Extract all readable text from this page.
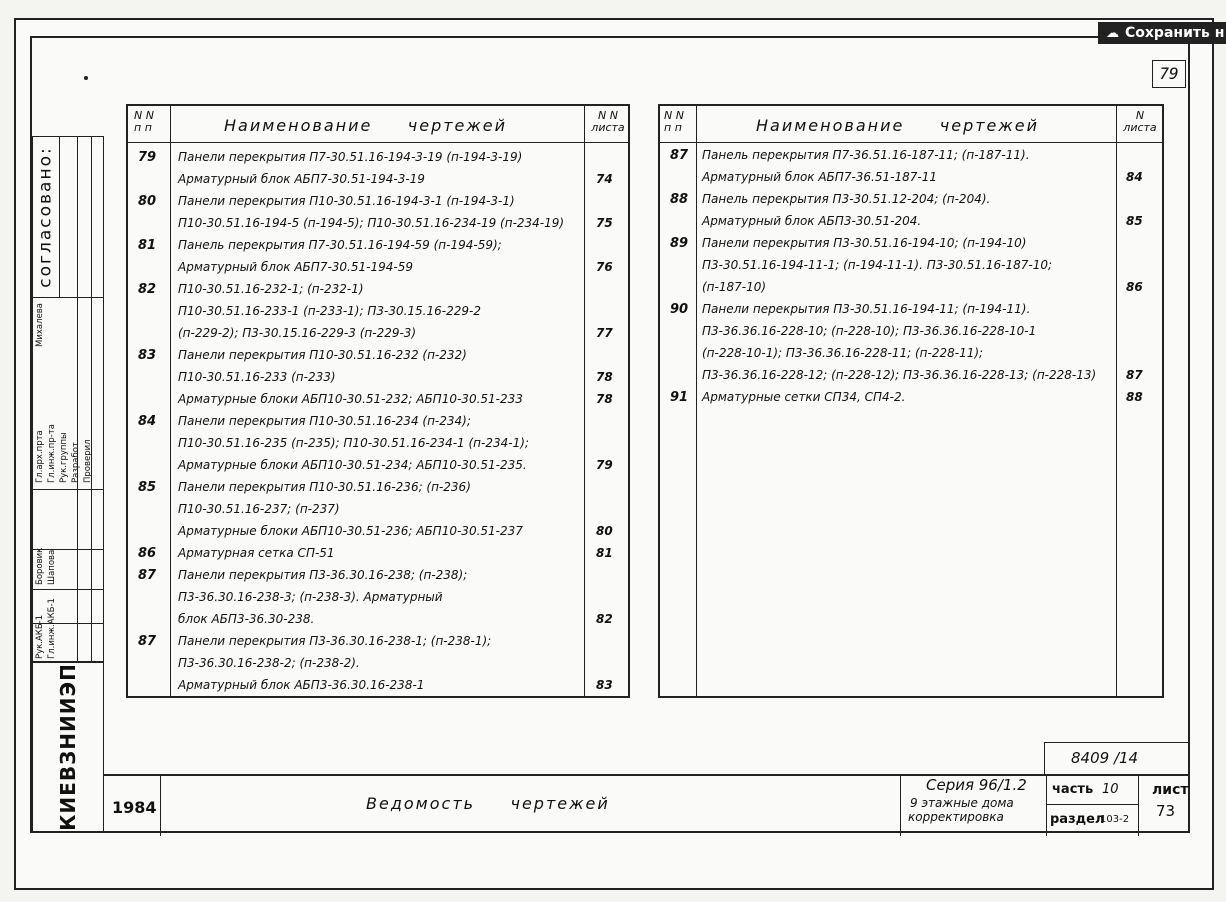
☁ Сохранить н
79
согласовано:
Рук.АКБ-1 Гл.инж.АКБ-1
Гл.арх.прта Гл.инж.пр-та Рук.группы Разработ. Проверил
Боровик Шапова
Михалева
КИЕВЗНИИЭП
N N
п п	Наименование     чертежей
N N
листа
79 Панели перекрытия П7-30.51.16-194-3-19 (п-194-3-19)
Арматурный блок АБП7-30.51-194-3-19	74
80 Панели перекрытия П10-30.51.16-194-3-1 (п-194-3-1)
П10-30.51.16-194-5 (п-194-5); П10-30.51.16-234-19 (п-234-19)	75
81 Панель перекрытия П7-30.51.16-194-59 (п-194-59);
Арматурный блок АБП7-30.51-194-59	76
82 П10-30.51.16-232-1; (п-232-1)
П10-30.51.16-233-1 (п-233-1); П3-30.15.16-229-2
(п-229-2); П3-30.15.16-229-3 (п-229-3)	77
83 Панели перекрытия П10-30.51.16-232 (п-232)
П10-30.51.16-233 (п-233)	78
Арматурные блоки АБП10-30.51-232; АБП10-30.51-233	78
84 Панели перекрытия П10-30.51.16-234 (п-234);
П10-30.51.16-235 (п-235); П10-30.51.16-234-1 (п-234-1);
Арматурные блоки АБП10-30.51-234; АБП10-30.51-235.	79
85 Панели перекрытия П10-30.51.16-236; (п-236)
П10-30.51.16-237; (п-237)
Арматурные блоки АБП10-30.51-236; АБП10-30.51-237	80
86 Арматурная сетка СП-51	81
87 Панели перекрытия П3-36.30.16-238; (п-238);
П3-36.30.16-238-3; (п-238-3). Арматурный
блок АБП3-36.30-238.	82
87 Панели перекрытия П3-36.30.16-238-1; (п-238-1);
П3-36.30.16-238-2; (п-238-2).
Арматурный блок АБП3-36.30.16-238-1	83
N N
п п	Наименование     чертежей
N
листа
87 Панель перекрытия П7-36.51.16-187-11; (п-187-11).
Арматурный блок АБП7-36.51-187-11	84
88 Панель перекрытия П3-30.51.12-204; (п-204).
Арматурный блок АБП3-30.51-204.	85
89 Панели перекрытия П3-30.51.16-194-10; (п-194-10)
П3-30.51.16-194-11-1; (п-194-11-1). П3-30.51.16-187-10;
(п-187-10)	86
90 Панели перекрытия П3-30.51.16-194-11; (п-194-11).
П3-36.36.16-228-10; (п-228-10); П3-36.36.16-228-10-1
(п-228-10-1); П3-36.36.16-228-11; (п-228-11);
П3-36.36.16-228-12; (п-228-12); П3-36.36.16-228-13; (п-228-13) 87
91 Арматурные сетки СП34, СП4-2.	88
8409 /14
1984	Ведомость     чертежей
Серия 96/1.2
9 этажные дома
корректировка
часть 10
раздел
103-2
лист
73
